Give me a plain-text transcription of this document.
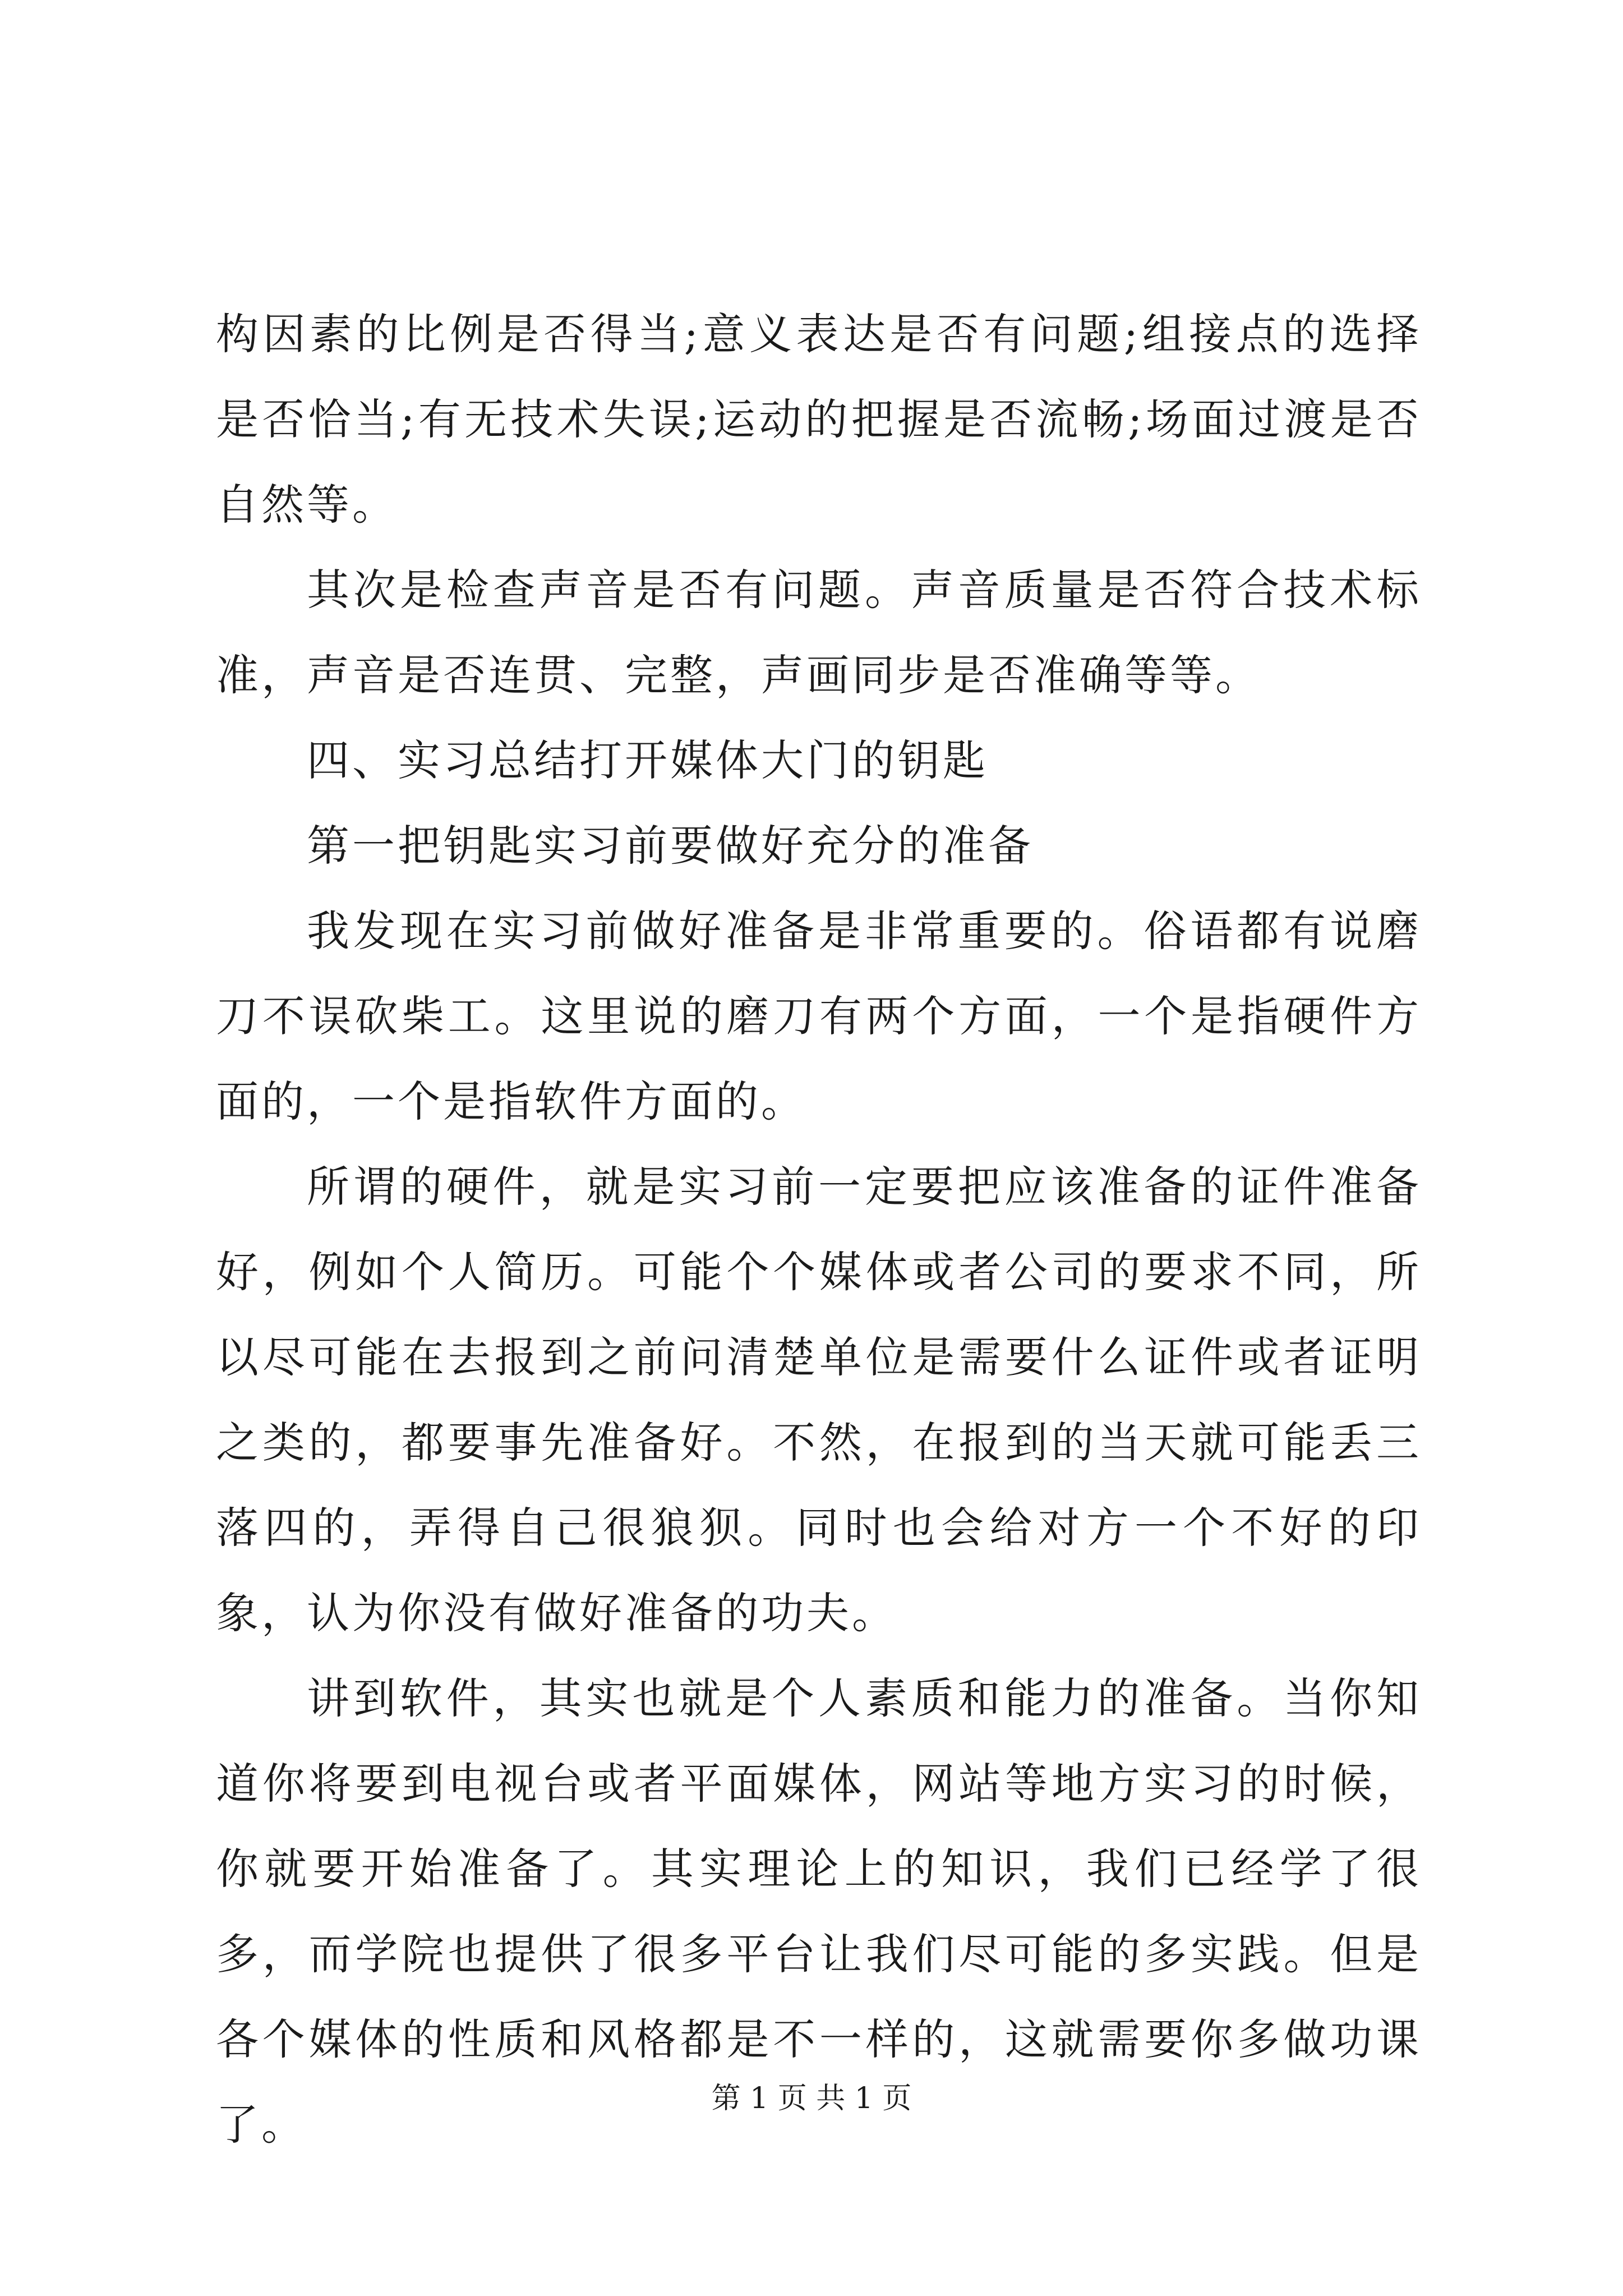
构因素的比例是否得当;意义表达是否有问题;组接点的选择是否恰当;有无技术失误;运动的把握是否流畅;场面过渡是否自然等。

其次是检查声音是否有问题。声音质量是否符合技术标准，声音是否连贯、完整，声画同步是否准确等等。

四、实习总结打开媒体大门的钥匙

第一把钥匙实习前要做好充分的准备

我发现在实习前做好准备是非常重要的。俗语都有说磨刀不误砍柴工。这里说的磨刀有两个方面，一个是指硬件方面的，一个是指软件方面的。

所谓的硬件，就是实习前一定要把应该准备的证件准备好，例如个人简历。可能个个媒体或者公司的要求不同，所以尽可能在去报到之前问清楚单位是需要什么证件或者证明之类的，都要事先准备好。不然，在报到的当天就可能丢三落四的，弄得自己很狼狈。同时也会给对方一个不好的印象，认为你没有做好准备的功夫。

讲到软件，其实也就是个人素质和能力的准备。当你知道你将要到电视台或者平面媒体，网站等地方实习的时候，你就要开始准备了。其实理论上的知识，我们已经学了很多，而学院也提供了很多平台让我们尽可能的多实践。但是各个媒体的性质和风格都是不一样的，这就需要你多做功课了。

第 1 页 共 1 页
